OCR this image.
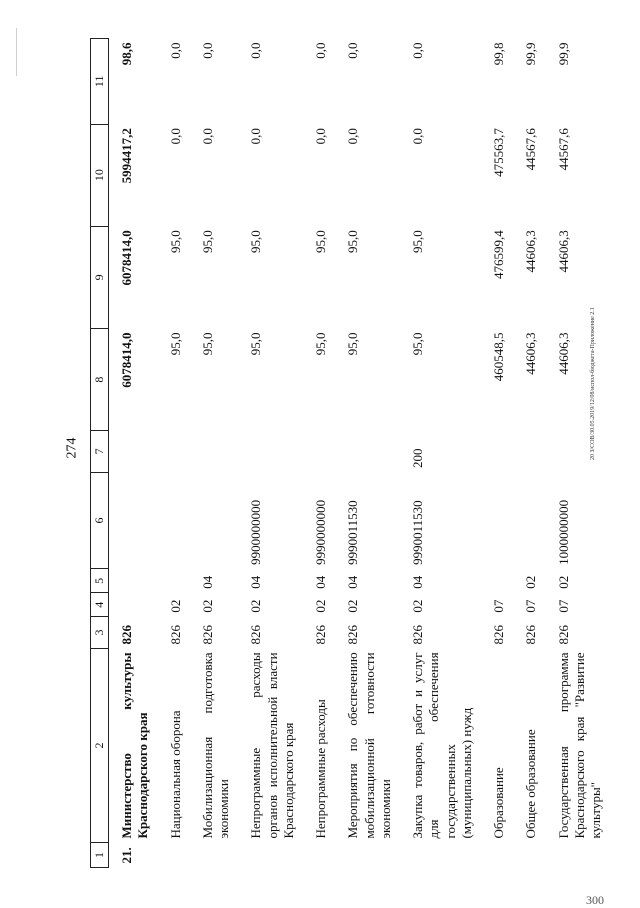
274	20 З/СОВ/30.05.2019/12/08/испол-бюджета-Приложение 2.1
300
1	2	3	4	5	6	7	8	9	10	11
21.	Министерство культуры Краснодарского края	826					6078414,0	6078414,0	5994417,2	98,6
	Национальная оборона	826	02				95,0	95,0	0,0	0,0
	Мобилизационная подготовка экономики	826	02	04			95,0	95,0	0,0	0,0
	Непрограммные расходы органов исполнительной власти Краснодарского края	826	02	04	9900000000		95,0	95,0	0,0	0,0
	Непрограммные расходы	826	02	04	9990000000		95,0	95,0	0,0	0,0
	Мероприятия по обеспечению мобилизационной готовности экономики	826	02	04	9990011530		95,0	95,0	0,0	0,0
	Закупка товаров, работ и услуг для обеспечения государственных (муниципальных) нужд	826	02	04	9990011530	200	95,0	95,0	0,0	0,0
	Образование	826	07				460548,5	476599,4	475563,7	99,8
	Общее образование	826	07	02			44606,3	44606,3	44567,6	99,9
	Государственная программа Краснодарского края "Развитие культуры"	826	07	02	1000000000		44606,3	44606,3	44567,6	99,9
